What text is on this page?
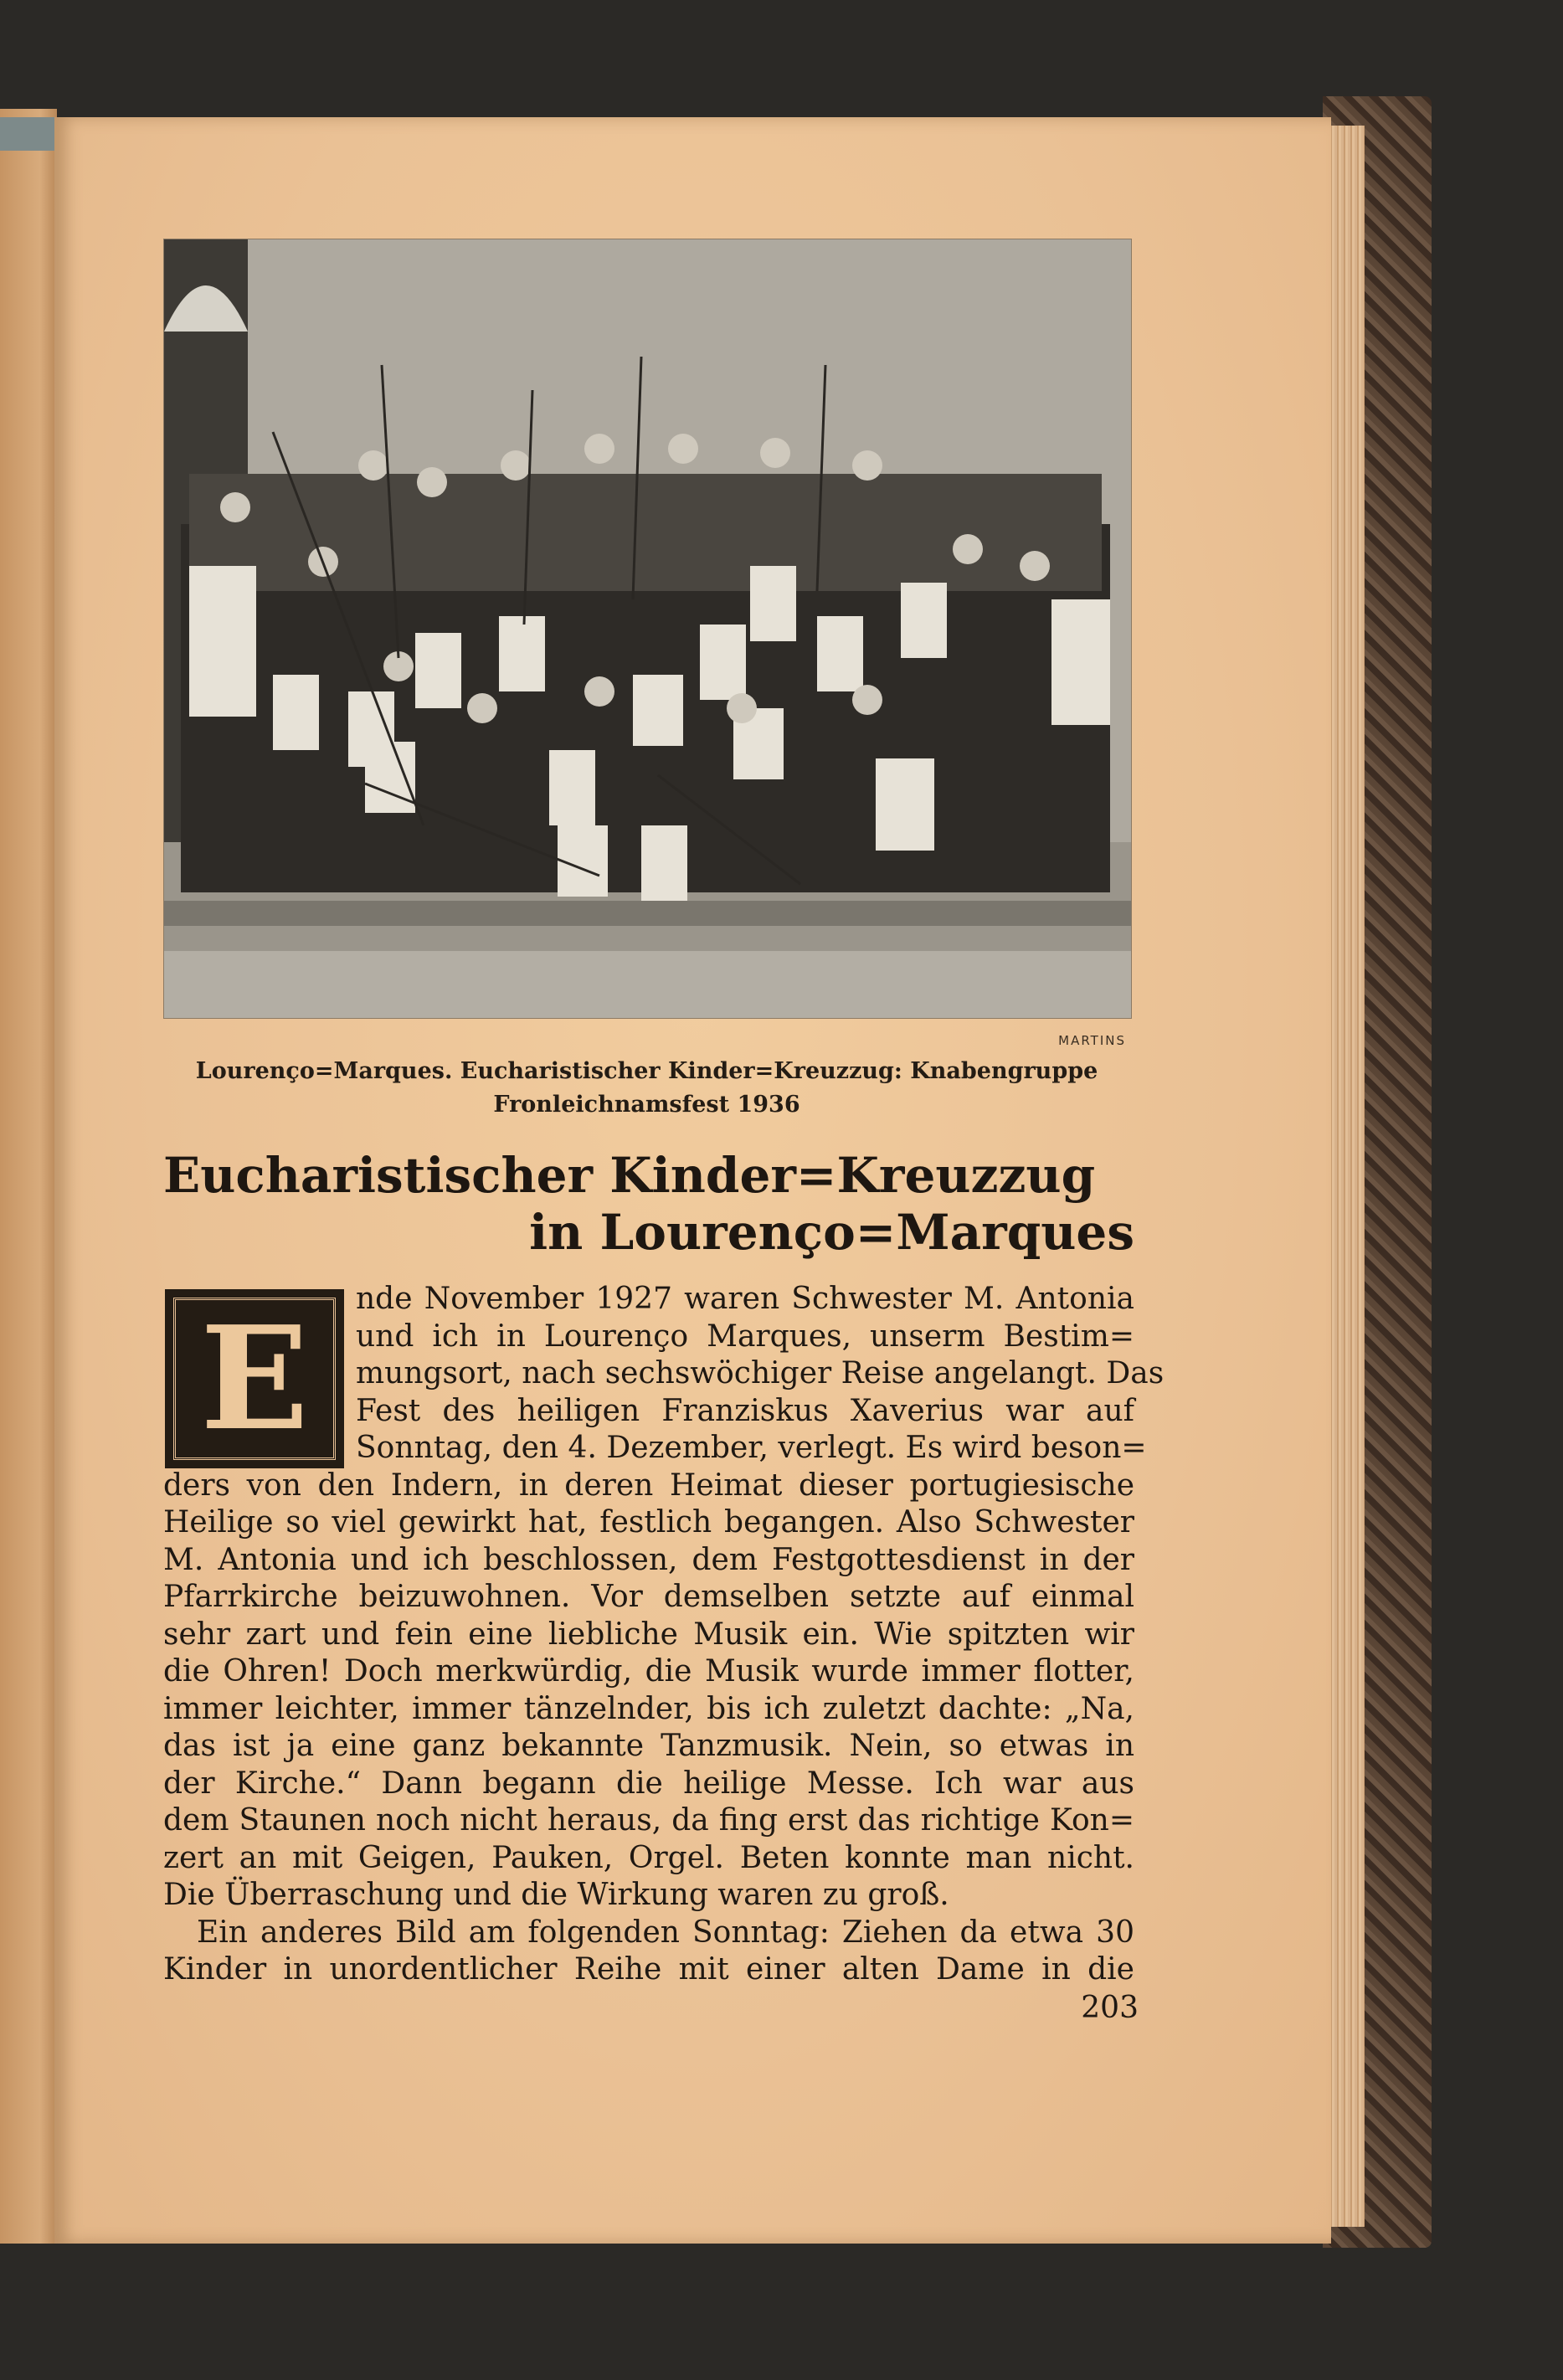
MARTINS
Lourenço=Marques. Eucharistischer Kinder=Kreuzzug: Knabengruppe
Fronleichnamsfest 1936
Eucharistischer Kinder=Kreuzzug
in Lourenço=Marques
E	nde November 1927 waren Schwester M. Antonia
und ich in Lourenço Marques, unserm Bestim=
mungsort, nach sechswöchiger Reise angelangt. Das
Fest des heiligen Franziskus Xaverius war auf
Sonntag, den 4. Dezember, verlegt. Es wird beson=
ders von den Indern, in deren Heimat dieser portugiesische
Heilige so viel gewirkt hat, festlich begangen. Also Schwester
M. Antonia und ich beschlossen, dem Festgottesdienst in der
Pfarrkirche beizuwohnen. Vor demselben setzte auf einmal
sehr zart und fein eine liebliche Musik ein. Wie spitzten wir
die Ohren! Doch merkwürdig, die Musik wurde immer flotter,
immer leichter, immer tänzelnder, bis ich zuletzt dachte: „Na,
das ist ja eine ganz bekannte Tanzmusik. Nein, so etwas in
der Kirche.“ Dann begann die heilige Messe. Ich war aus
dem Staunen noch nicht heraus, da fing erst das richtige Kon=
zert an mit Geigen, Pauken, Orgel. Beten konnte man nicht.
Die Überraschung und die Wirkung waren zu groß.
Ein anderes Bild am folgenden Sonntag: Ziehen da etwa 30
Kinder in unordentlicher Reihe mit einer alten Dame in die
203
